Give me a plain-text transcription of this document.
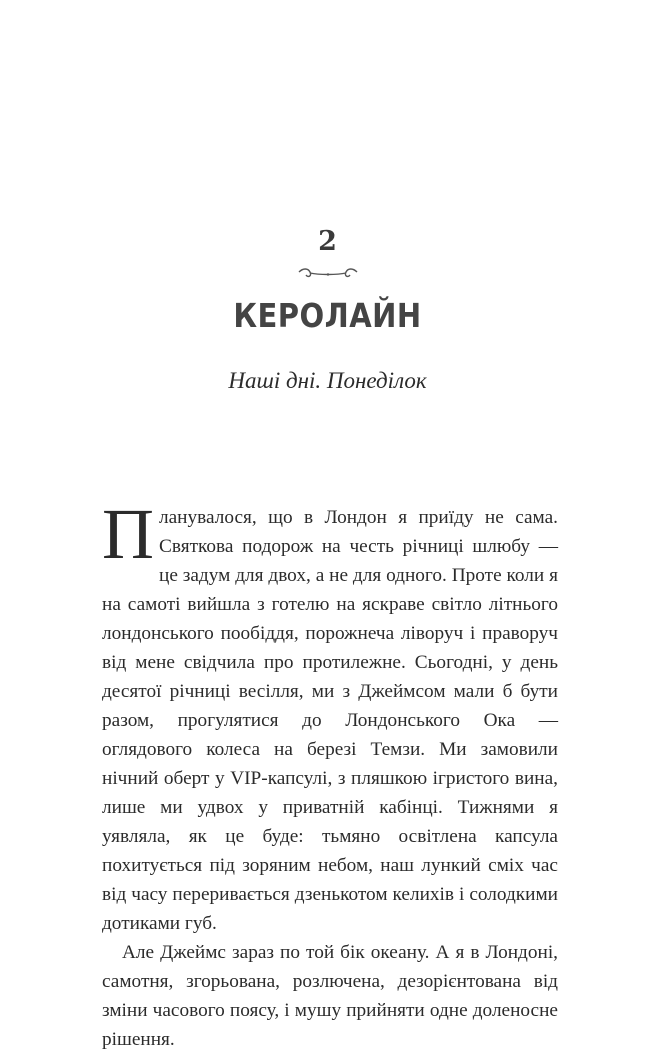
2
КЕРОЛАЙН
Наші дні. Понеділок

Планувалося, що в Лондон я приїду не сама. Святкова подорож на честь річниці шлюбу — це задум для двох, а не для одного. Проте коли я на самоті вийшла з готелю на яскраве світло літнього лондонського пообіддя, порожнеча ліворуч і праворуч від мене свідчила про протилежне. Сьогодні, у день десятої річниці весілля, ми з Джеймсом мали б бути разом, прогулятися до Лондонського Ока — оглядового колеса на березі Темзи. Ми замовили нічний оберт у VIP-капсулі, з пляшкою ігристого вина, лише ми удвох у приватній кабінці. Тижнями я уявляла, як це буде: тьмяно освітлена капсула похитується під зоряним небом, наш лункий сміх час від часу переривається дзенькотом келихів і солодкими дотиками губ.

Але Джеймс зараз по той бік океану. А я в Лондоні, самотня, згорьована, розлючена, дезорієнтована від зміни часового поясу, і мушу прийняти одне доленосне рішення.
